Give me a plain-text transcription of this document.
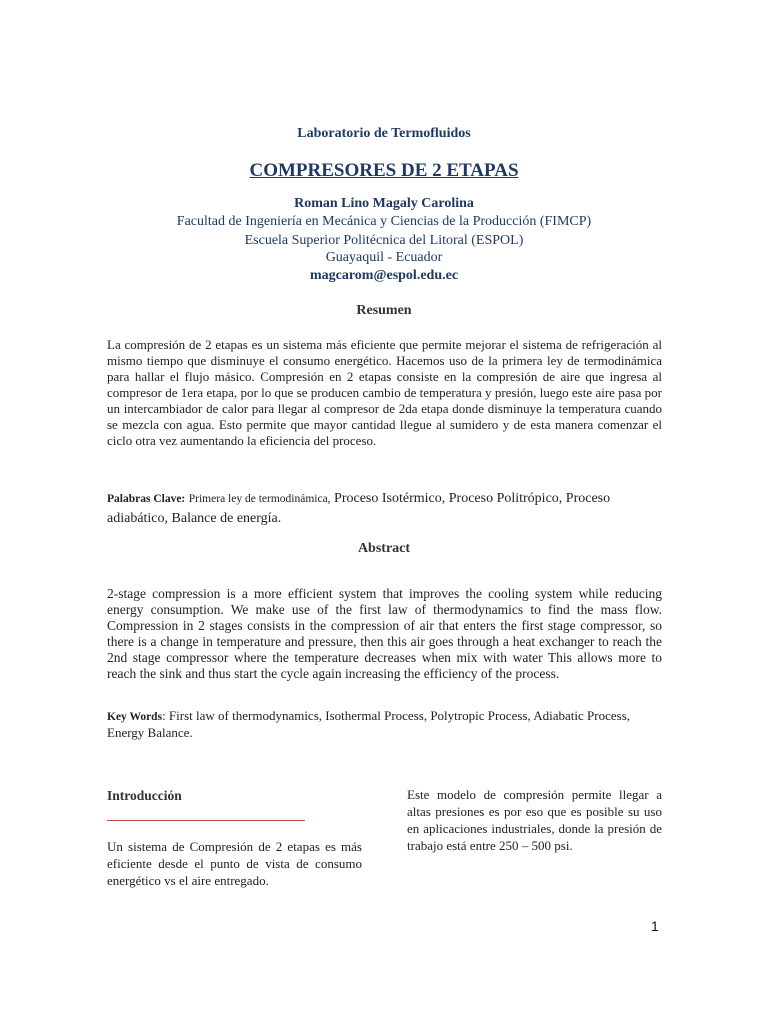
Laboratorio de Termofluidos
COMPRESORES DE 2 ETAPAS
Roman Lino Magaly Carolina
Facultad de Ingeniería en Mecánica y Ciencias de la Producción (FIMCP)
Escuela Superior Politécnica del Litoral (ESPOL)
Guayaquil - Ecuador
magcarom@espol.edu.ec
Resumen
La compresión de 2 etapas es un sistema más eficiente que permite mejorar el sistema de refrigeración al mismo tiempo que disminuye el consumo energético. Hacemos uso de la primera ley de termodinámica para hallar el flujo másico. Compresión en 2 etapas consiste en la compresión de aire que ingresa al compresor de 1era etapa, por lo que se producen cambio de temperatura y presión, luego este aire pasa por un intercambiador de calor para llegar al compresor de 2da etapa donde disminuye la temperatura cuando se mezcla con agua. Esto permite que mayor cantidad llegue al sumidero y de esta manera comenzar el ciclo otra vez aumentando la eficiencia del proceso.
Palabras Clave: Primera ley de termodinámica, Proceso Isotérmico, Proceso Politrópico, Proceso adiabático, Balance de energía.
Abstract
2-stage compression is a more efficient system that improves the cooling system while reducing energy consumption. We make use of the first law of thermodynamics to find the mass flow. Compression in 2 stages consists in the compression of air that enters the first stage compressor, so there is a change in temperature and pressure, then this air goes through a heat exchanger to reach the 2nd stage compressor where the temperature decreases when mix with water This allows more to reach the sink and thus start the cycle again increasing the efficiency of the process.
Key Words: First law of thermodynamics, Isothermal Process, Polytropic Process, Adiabatic Process, Energy Balance.
Introducción
Un sistema de Compresión de 2 etapas es más eficiente desde el punto de vista de consumo energético vs el aire entregado.
Este modelo de compresión permite llegar a altas presiones es por eso que es posible su uso en aplicaciones industriales, donde la presión de trabajo está entre 250 – 500 psi.
1
